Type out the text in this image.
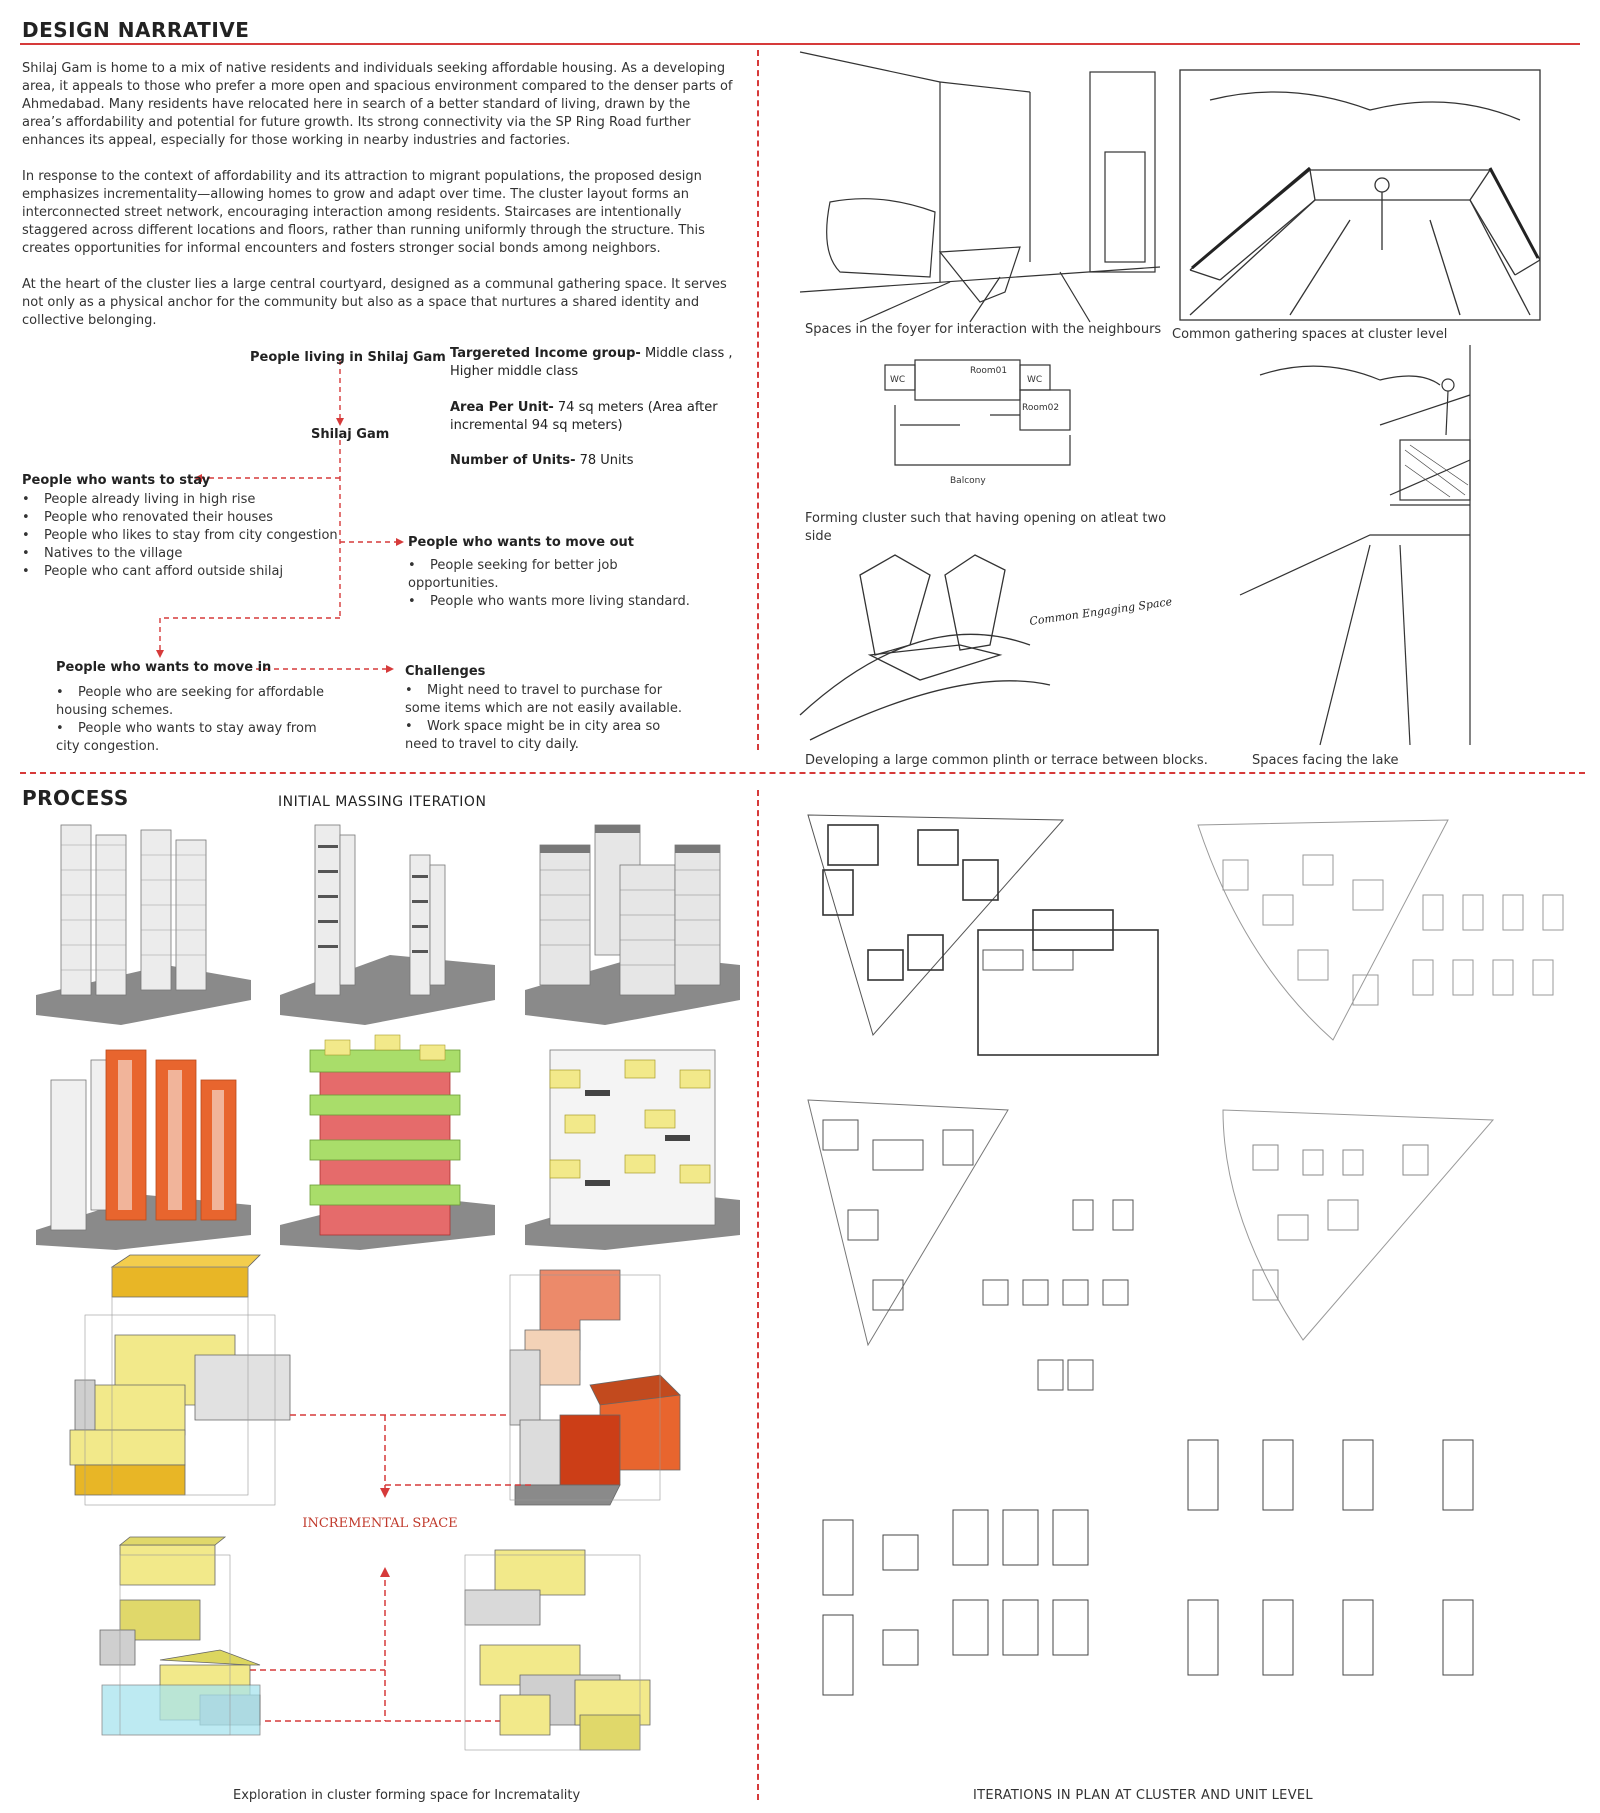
DESIGN NARRATIVE
Shilaj Gam is home to a mix of native residents and individuals seeking affordable housing. As a developing area, it appeals to those who prefer a more open and spacious environment compared to the denser parts of Ahmedabad. Many residents have relocated here in search of a better standard of living, drawn by the area’s affordability and potential for future growth. Its strong connectivity via the SP Ring Road further enhances its appeal, especially for those working in nearby industries and factories.
In response to the context of affordability and its attraction to migrant populations, the proposed design emphasizes incrementality—allowing homes to grow and adapt over time. The cluster layout forms an interconnected street network, encouraging interaction among residents. Staircases are intentionally staggered across different locations and floors, rather than running uniformly through the structure. This creates opportunities for informal encounters and fosters stronger social bonds among neighbors.
At the heart of the cluster lies a large central courtyard, designed as a communal gathering space. It serves not only as a physical anchor for the community but also as a space that nurtures a shared identity and collective belonging.
People living in Shilaj Gam
Shilaj Gam
People who wants to stay
• People already living in high rise
• People who renovated their houses
• People who likes to stay from city congestion
• Natives to the village
• People who cant afford outside shilaj
People who wants to move out
• People seeking for better job opportunities.
• People who wants more living standard.
People who wants to move in
• People who are seeking for affordable housing schemes.
• People who wants to stay away from city congestion.
Challenges
• Might need to travel to purchase for some items which are not easily available.
• Work space might be in city area so need to travel to city daily.
Targereted Income group- Middle class , Higher middle class
Area Per Unit- 74 sq meters (Area after incremental 94 sq meters)
Number of Units- 78 Units
Spaces in the foyer for interaction with the neighbours Common gathering spaces at cluster level
WC
Room01
WC
Room02
Balcony
Forming cluster such that having opening on atleat two side
Common Engaging Space
Developing a large common plinth or terrace between blocks.	Spaces facing the lake
PROCESS	INITIAL MASSING ITERATION
INCREMENTAL SPACE
Exploration in cluster forming space for Incrematality	ITERATIONS IN PLAN AT CLUSTER AND UNIT LEVEL
